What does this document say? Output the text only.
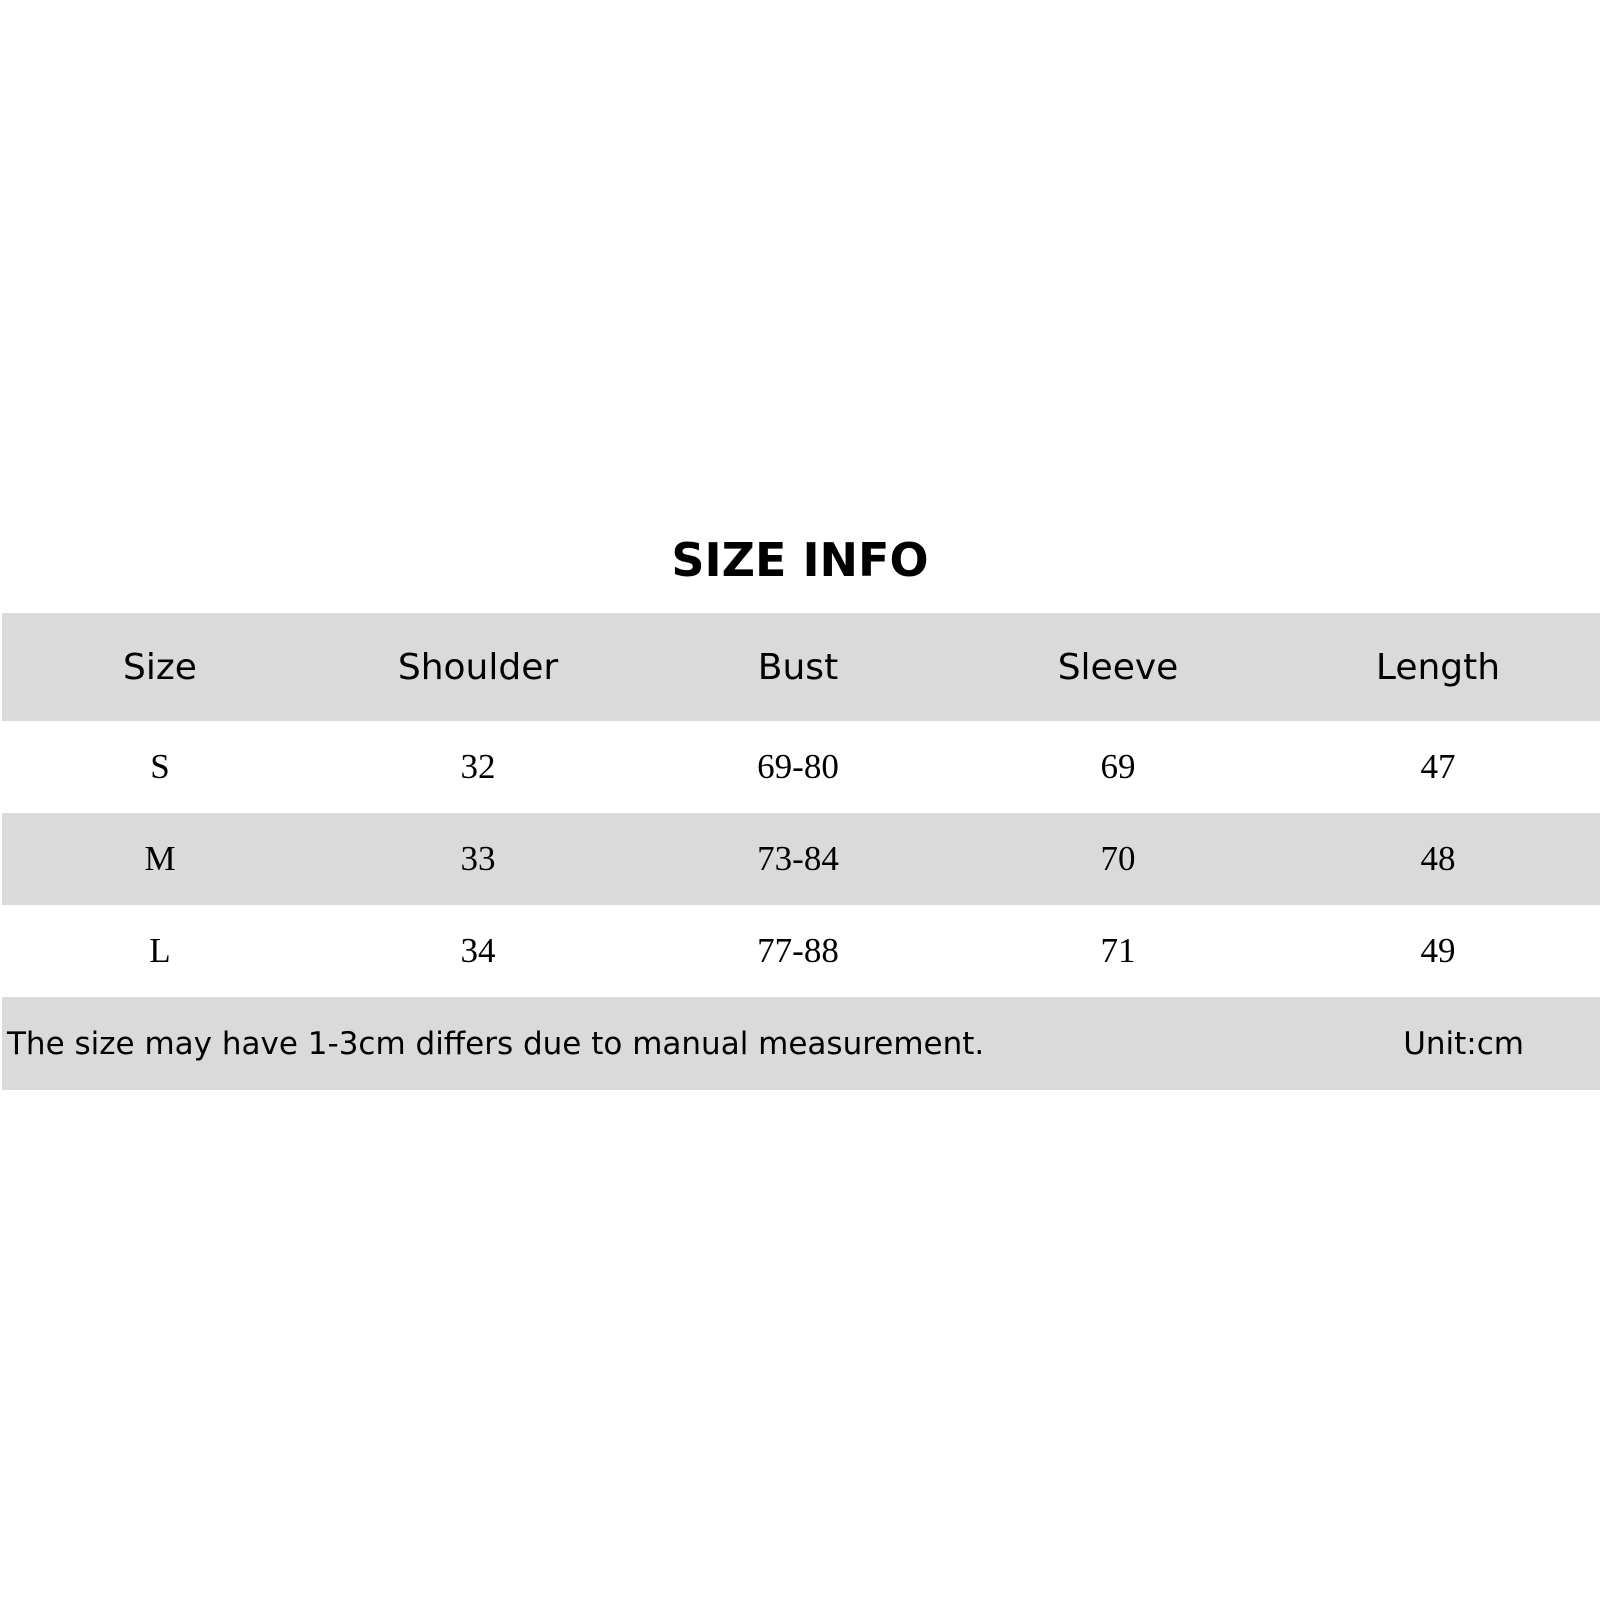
SIZE INFO
Size	Shoulder	Bust	Sleeve	Length
S	32	69-80	69	47
M	33	73-84	70	48
L	34	77-88	71	49
The size may have 1-3cm differs due to manual measurement.	Unit:cm
